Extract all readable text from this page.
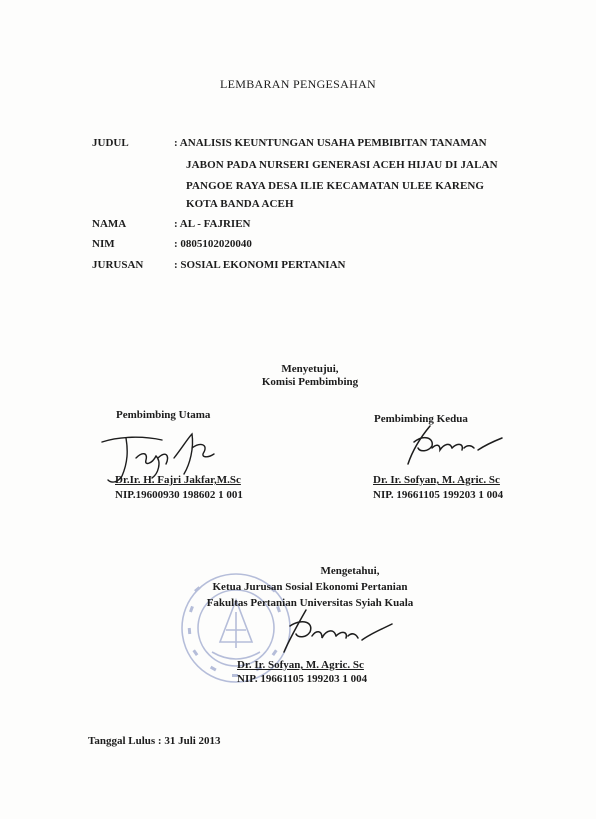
LEMBARAN PENGESAHAN
JUDUL	: ANALISIS KEUNTUNGAN USAHA PEMBIBITAN TANAMAN
JABON PADA NURSERI GENERASI ACEH HIJAU DI JALAN
PANGOE RAYA DESA ILIE KECAMATAN ULEE KARENG
KOTA BANDA ACEH
NAMA	: AL - FAJRIEN
NIM	: 0805102020040
JURUSAN	: SOSIAL EKONOMI PERTANIAN
Menyetujui,
Komisi Pembimbing
Pembimbing Utama	Pembimbing Kedua
Dr.Ir. H. Fajri Jakfar,M.Sc
NIP.19600930 198602 1 001
Dr. Ir. Sofyan, M. Agric. Sc
NIP. 19661105 199203 1 004
Mengetahui,
Ketua Jurusan Sosial Ekonomi Pertanian
Fakultas Pertanian Universitas Syiah Kuala
Dr. Ir. Sofyan, M. Agric. Sc
NIP. 19661105 199203 1 004
Tanggal Lulus : 31 Juli 2013
